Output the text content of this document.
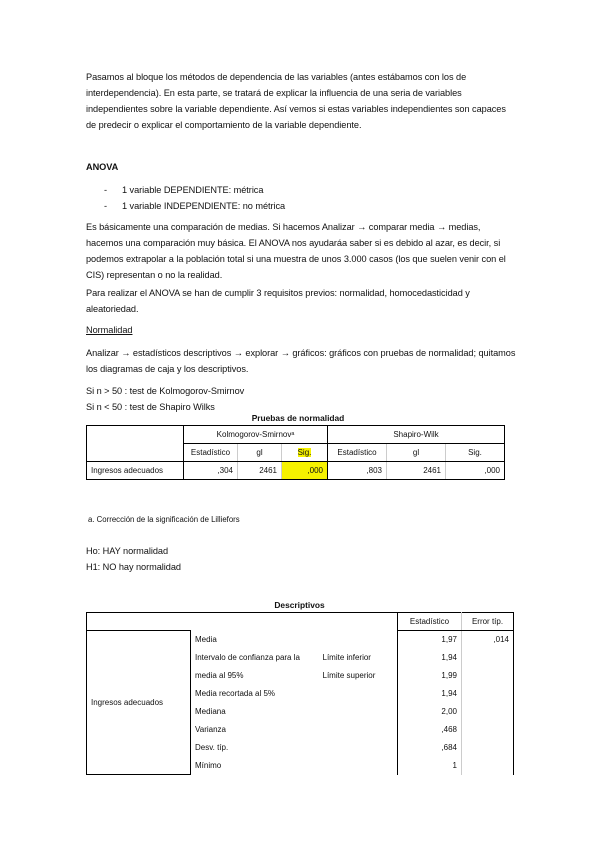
Pasamos al bloque los métodos de dependencia de las variables (antes estábamos con los de interdependencia). En esta parte, se tratará de explicar la influencia de una seria de variables independientes sobre la variable dependiente. Así vemos si estas variables independientes son capaces de predecir o explicar el comportamiento de la variable dependiente.

ANOVA
- 1 variable DEPENDIENTE: métrica
- 1 variable INDEPENDIENTE: no métrica

Es básicamente una comparación de medias. Si hacemos Analizar → comparar media → medias, hacemos una comparación muy básica. El ANOVA nos ayudaráa saber si es debido al azar, es decir, si podemos extrapolar a la población total si una muestra de unos 3.000 casos (los que suelen venir con el CIS) representan o no la realidad.

Para realizar el ANOVA se han de cumplir 3 requisitos previos: normalidad, homocedasticidad y aleatoriedad.

Normalidad

Analizar → estadísticos descriptivos → explorar → gráficos: gráficos con pruebas de normalidad; quitamos los diagramas de caja y los descriptivos.

Si n > 50 : test de Kolmogorov-Smirnov
Si n < 50 : test de Shapiro Wilks
Pruebas de normalidad
	Kolmogorov-Smirnovᵃ			Shapiro-Wilk		
	Estadístico	gl	Sig.	Estadístico	gl	Sig.
Ingresos adecuados	,304	2461	,000	,803	2461	,000
a. Corrección de la significación de Lilliefors
Ho: HAY normalidad
H1: NO hay normalidad
Descriptivos
			Estadístico	Error típ.
Ingresos adecuados	Media		1,97	,014
	Intervalo de confianza para la	Límite inferior	1,94	
	media al 95%	Límite superior	1,99	
	Media recortada al 5%		1,94	
	Mediana		2,00	
	Varianza		,468	
	Desv. típ.		,684	
	Mínimo		1	
